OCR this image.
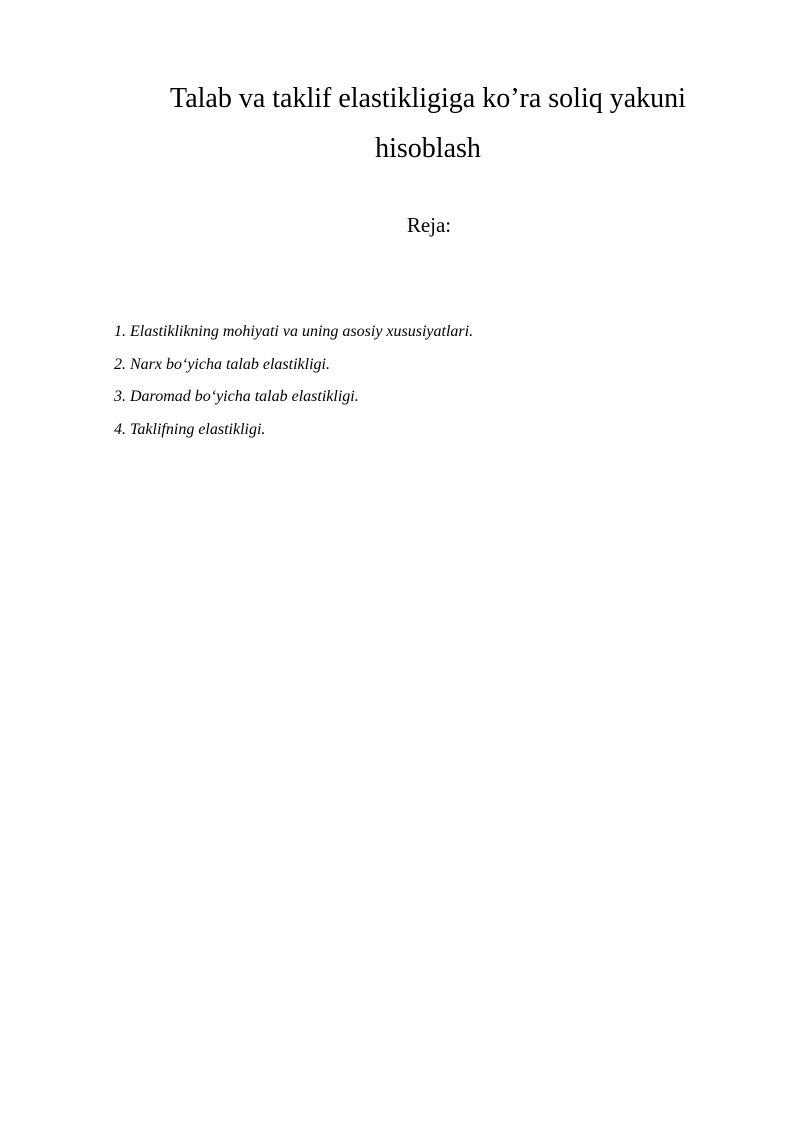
Talab va taklif elastikligiga ko’ra soliq yakuni hisoblash
Reja:
1. Elastiklikning mohiyati va uning asosiy xususiyatlari.
2. Narx bo‘yicha talab elastikligi.
3. Daromad bo‘yicha talab elastikligi.
4. Taklifning elastikligi.
